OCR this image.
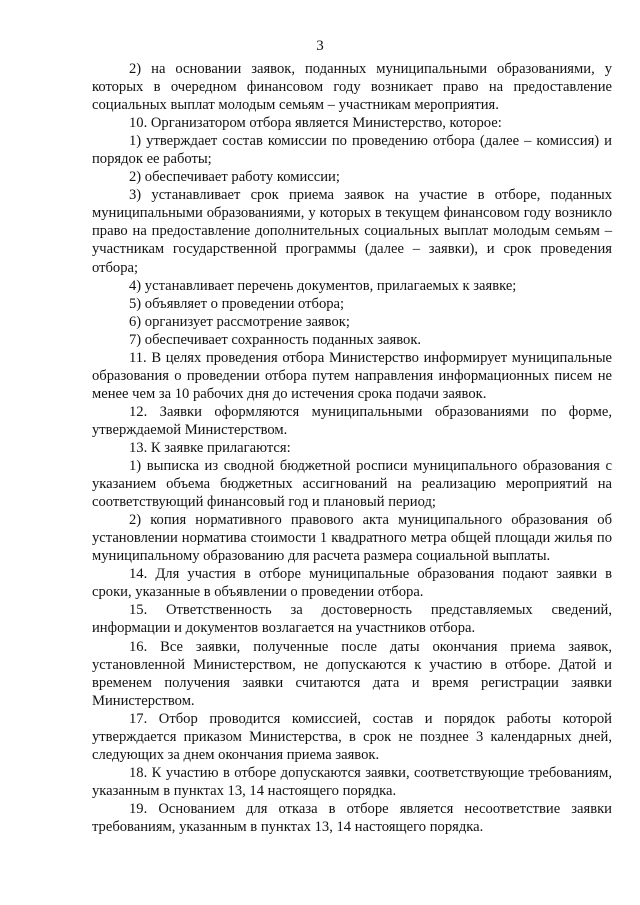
3

2) на основании заявок, поданных муниципальными образованиями, у которых в очередном финансовом году возникает право на предоставление социальных выплат молодым семьям – участникам мероприятия.

10. Организатором отбора является Министерство, которое:

1) утверждает состав комиссии по проведению отбора (далее – комиссия) и порядок ее работы;

2) обеспечивает работу комиссии;

3) устанавливает срок приема заявок на участие в отборе, поданных муниципальными образованиями, у которых в текущем финансовом году возникло право на предоставление дополнительных социальных выплат молодым семьям – участникам государственной программы (далее – заявки), и срок проведения отбора;

4) устанавливает перечень документов, прилагаемых к заявке;

5) объявляет о проведении отбора;

6) организует рассмотрение заявок;

7) обеспечивает сохранность поданных заявок.

11. В целях проведения отбора Министерство информирует муниципальные образования о проведении отбора путем направления информационных писем не менее чем за 10 рабочих дня до истечения срока подачи заявок.

12. Заявки оформляются муниципальными образованиями по форме, утверждаемой Министерством.

13. К заявке прилагаются:

1) выписка из сводной бюджетной росписи муниципального образования с указанием объема бюджетных ассигнований на реализацию мероприятий на соответствующий финансовый год и плановый период;

2) копия нормативного правового акта муниципального образования об установлении норматива стоимости 1 квадратного метра общей площади жилья по муниципальному образованию для расчета размера социальной выплаты.

14. Для участия в отборе муниципальные образования подают заявки в сроки, указанные в объявлении о проведении отбора.

15. Ответственность за достоверность представляемых сведений, информации и документов возлагается на участников отбора.

16. Все заявки, полученные после даты окончания приема заявок, установленной Министерством, не допускаются к участию в отборе. Датой и временем получения заявки считаются дата и время регистрации заявки Министерством.

17. Отбор проводится комиссией, состав и порядок работы которой утверждается приказом Министерства, в срок не позднее 3 календарных дней, следующих за днем окончания приема заявок.

18. К участию в отборе допускаются заявки, соответствующие требованиям, указанным в пунктах 13, 14 настоящего порядка.

19. Основанием для отказа в отборе является несоответствие заявки требованиям, указанным в пунктах 13, 14 настоящего порядка.
